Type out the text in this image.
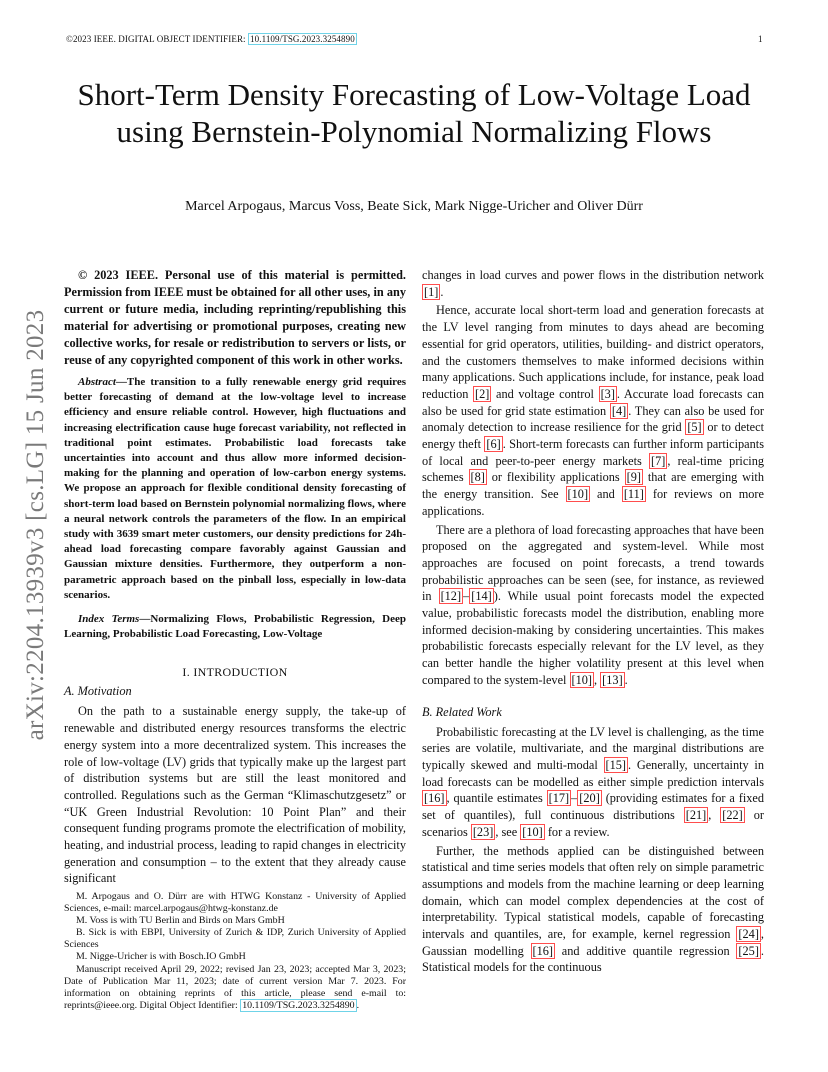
©2023 IEEE. DIGITAL OBJECT IDENTIFIER: 10.1109/TSG.2023.3254890	1
Short-Term Density Forecasting of Low-Voltage Load using Bernstein-Polynomial Normalizing Flows
Marcel Arpogaus, Marcus Voss, Beate Sick, Mark Nigge-Uricher and Oliver Dürr
arXiv:2204.13939v3 [cs.LG] 15 Jun 2023

© 2023 IEEE. Personal use of this material is permitted. Permission from IEEE must be obtained for all other uses, in any current or future media, including reprinting/republishing this material for advertising or promotional purposes, creating new collective works, for resale or redistribution to servers or lists, or reuse of any copyrighted component of this work in other works.

Abstract—The transition to a fully renewable energy grid requires better forecasting of demand at the low-voltage level to increase efficiency and ensure reliable control. However, high fluctuations and increasing electrification cause huge forecast variability, not reflected in traditional point estimates. Probabilistic load forecasts take uncertainties into account and thus allow more informed decision-making for the planning and operation of low-carbon energy systems. We propose an approach for flexible conditional density forecasting of short-term load based on Bernstein polynomial normalizing flows, where a neural network controls the parameters of the flow. In an empirical study with 3639 smart meter customers, our density predictions for 24h-ahead load forecasting compare favorably against Gaussian and Gaussian mixture densities. Furthermore, they outperform a non-parametric approach based on the pinball loss, especially in low-data scenarios.

Index Terms—Normalizing Flows, Probabilistic Regression, Deep Learning, Probabilistic Load Forecasting, Low-Voltage

I. INTRODUCTION
A. Motivation

On the path to a sustainable energy supply, the take-up of renewable and distributed energy resources transforms the electric energy system into a more decentralized system. This increases the role of low-voltage (LV) grids that typically make up the largest part of distribution systems but are still the least monitored and controlled. Regulations such as the German “Klimaschutzgesetz” or “UK Green Industrial Revolution: 10 Point Plan” and their consequent funding programs promote the electrification of mobility, heating, and industrial process, leading to rapid changes in electricity generation and consumption – to the extent that they already cause significant

M. Arpogaus and O. Dürr are with HTWG Konstanz - University of Applied Sciences, e-mail: marcel.arpogaus@htwg-konstanz.de

M. Voss is with TU Berlin and Birds on Mars GmbH

B. Sick is with EBPI, University of Zurich & IDP, Zurich University of Applied Sciences

M. Nigge-Uricher is with Bosch.IO GmbH

Manuscript received April 29, 2022; revised Jan 23, 2023; accepted Mar 3, 2023; Date of Publication Mar 11, 2023; date of current version Mar 7. 2023. For information on obtaining reprints of this article, please send e-mail to: reprints@ieee.org. Digital Object Identifier: 10.1109/TSG.2023.3254890 .

changes in load curves and power flows in the distribution network [1] .

Hence, accurate local short-term load and generation forecasts at the LV level ranging from minutes to days ahead are becoming essential for grid operators, utilities, building- and district operators, and the customers themselves to make informed decisions within many applications. Such applications include, for instance, peak load reduction [2] and voltage control [3] . Accurate load forecasts can also be used for grid state estimation [4] . They can also be used for anomaly detection to increase resilience for the grid [5] or to detect energy theft [6] . Short-term forecasts can further inform participants of local and peer-to-peer energy markets [7] , real-time pricing schemes [8] or flexibility applications [9] that are emerging with the energy transition. See [10] and [11] for reviews on more applications.

There are a plethora of load forecasting approaches that have been proposed on the aggregated and system-level. While most approaches are focused on point forecasts, a trend towards probabilistic approaches can be seen (see, for instance, as reviewed in [12] – [14] ). While usual point forecasts model the expected value, probabilistic forecasts model the distribution, enabling more informed decision-making by considering uncertainties. This makes probabilistic forecasts especially relevant for the LV level, as they can better handle the higher volatility present at this level when compared to the system-level [10] , [13] .

B. Related Work

Probabilistic forecasting at the LV level is challenging, as the time series are volatile, multivariate, and the marginal distributions are typically skewed and multi-modal [15] . Generally, uncertainty in load forecasts can be modelled as either simple prediction intervals [16] , quantile estimates [17] – [20] (providing estimates for a fixed set of quantiles), full continuous distributions [21] , [22] or scenarios [23] , see [10] for a review.

Further, the methods applied can be distinguished between statistical and time series models that often rely on simple parametric assumptions and models from the machine learning or deep learning domain, which can model complex dependencies at the cost of interpretability. Typical statistical models, capable of forecasting intervals and quantiles, are, for example, kernel regression [24] , Gaussian modelling [16] and additive quantile regression [25] . Statistical models for the continuous
